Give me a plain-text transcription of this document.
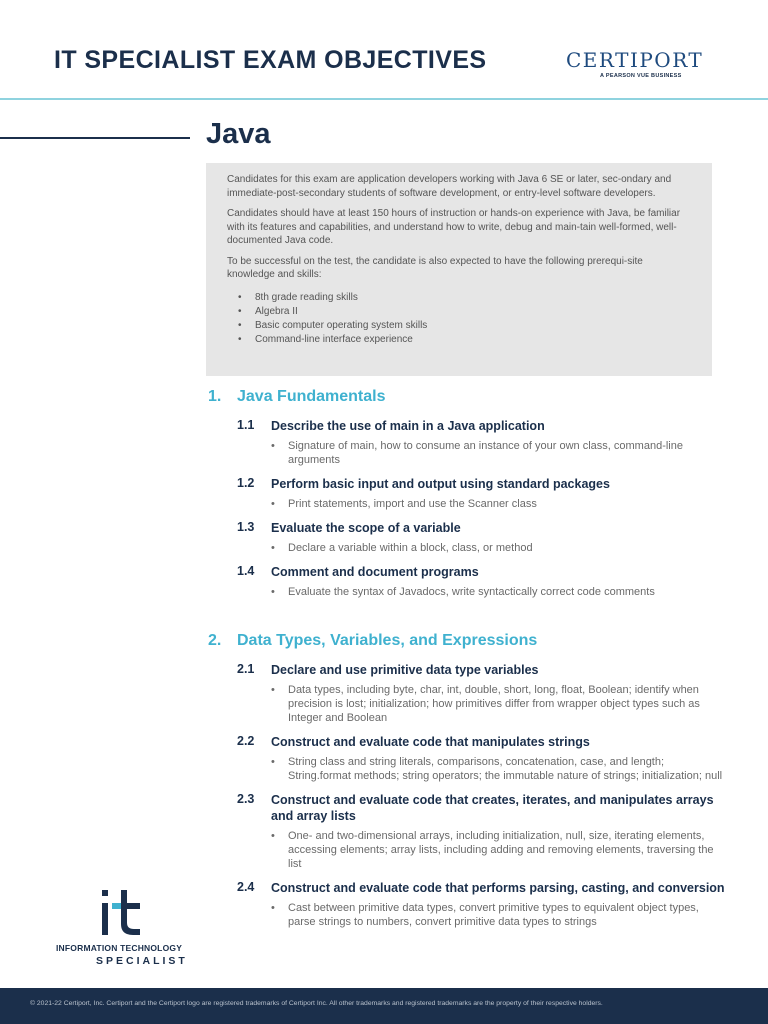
IT SPECIALIST EXAM OBJECTIVES	CERTIPORT
A PEARSON VUE BUSINESS
Java

Candidates for this exam are application developers working with Java 6 SE or later, sec-ondary and immediate-post-secondary students of software development, or entry-level software developers.

Candidates should have at least 150 hours of instruction or hands-on experience with Java, be familiar with its features and capabilities, and understand how to write, debug and main-tain well-formed, well-documented Java code.

To be successful on the test, the candidate is also expected to have the following prerequi-site knowledge and skills:

• 8th grade reading skills
• Algebra II
• Basic computer operating system skills
• Command-line interface experience
1. Java Fundamentals
1.1 Describe the use of main in a Java application
• Signature of main, how to consume an instance of your own class, command-line arguments
1.2 Perform basic input and output using standard packages
• Print statements, import and use the Scanner class
1.3 Evaluate the scope of a variable
• Declare a variable within a block, class, or method
1.4 Comment and document programs
• Evaluate the syntax of Javadocs, write syntactically correct code comments
2. Data Types, Variables, and Expressions
2.1 Declare and use primitive data type variables
• Data types, including byte, char, int, double, short, long, float, Boolean; identify when precision is lost; initialization; how primitives differ from wrapper object types such as Integer and Boolean
2.2 Construct and evaluate code that manipulates strings
• String class and string literals, comparisons, concatenation, case, and length; String.format methods; string operators; the immutable nature of strings; initialization; null
2.3 Construct and evaluate code that creates, iterates, and manipulates arrays and array lists
• One- and two-dimensional arrays, including initialization, null, size, iterating elements, accessing elements; array lists, including adding and removing elements, traversing the list
2.4 Construct and evaluate code that performs parsing, casting, and conversion
• Cast between primitive data types, convert primitive types to equivalent object types, parse strings to numbers, convert primitive data types to strings
INFORMATION TECHNOLOGY
SPECIALIST
© 2021-22 Certiport, Inc. Certiport and the Certiport logo are registered trademarks of Certiport Inc. All other trademarks and registered trademarks are the property of their respective holders.
